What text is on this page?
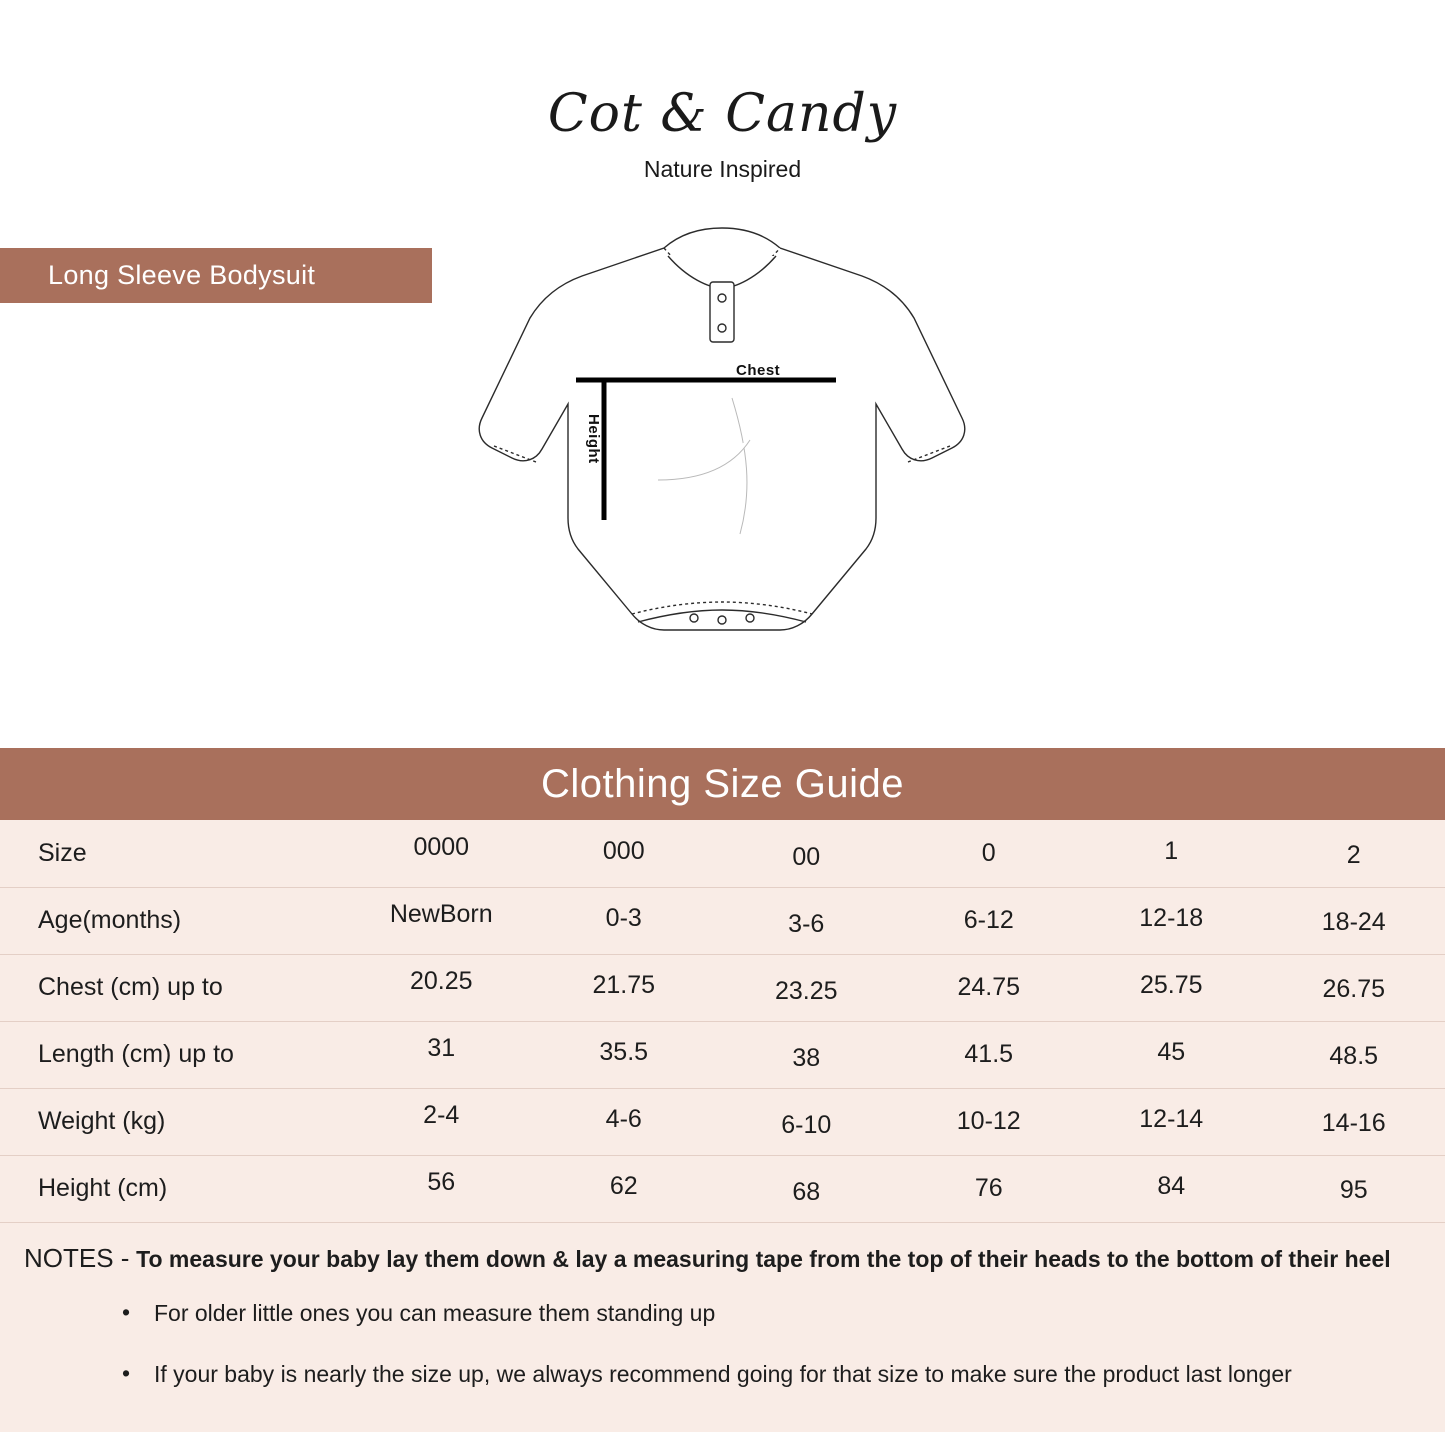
Cot & Candy
Nature Inspired
Long Sleeve Bodysuit
Chest
Height
Clothing Size Guide
Size	0000	000	00	0	1	2
Age(months)	NewBorn	0-3	3-6	6-12	12-18	18-24
Chest (cm) up to	20.25	21.75	23.25	24.75	25.75	26.75
Length (cm) up to	31	35.5	38	41.5	45	48.5
Weight (kg)	2-4	4-6	6-10	10-12	12-14	14-16
Height (cm)	56	62	68	76	84	95
NOTES - To measure your baby lay them down & lay a measuring tape from the top of their heads to the bottom of their heel
• For older little ones you can measure them standing up
• If your baby is nearly the size up, we always recommend going for that size to make sure the product last longer
